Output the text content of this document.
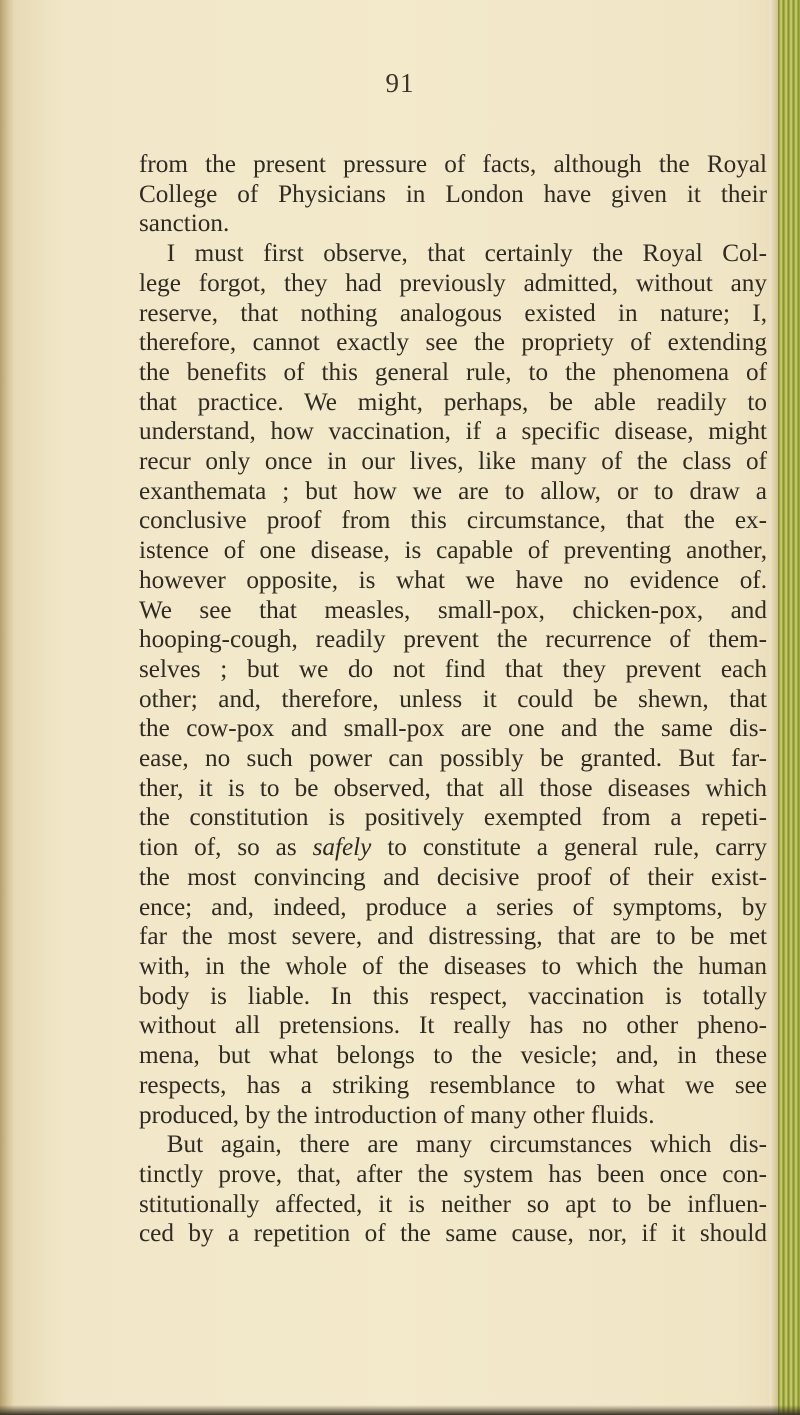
91
from the present pressure of facts, although the Royal
College of Physicians in London have given it their
sanction.
I must first observe, that certainly the Royal Col-
lege forgot, they had previously admitted, without any
reserve, that nothing analogous existed in nature; I,
therefore, cannot exactly see the propriety of extending
the benefits of this general rule, to the phenomena of
that practice. We might, perhaps, be able readily to
understand, how vaccination, if a specific disease, might
recur only once in our lives, like many of the class of
exanthemata ; but how we are to allow, or to draw a
conclusive proof from this circumstance, that the ex-
istence of one disease, is capable of preventing another,
however opposite, is what we have no evidence of.
We see that measles, small-pox, chicken-pox, and
hooping-cough, readily prevent the recurrence of them-
selves ; but we do not find that they prevent each
other; and, therefore, unless it could be shewn, that
the cow-pox and small-pox are one and the same dis-
ease, no such power can possibly be granted. But far-
ther, it is to be observed, that all those diseases which
the constitution is positively exempted from a repeti-
tion of, so as safely to constitute a general rule, carry
the most convincing and decisive proof of their exist-
ence; and, indeed, produce a series of symptoms, by
far the most severe, and distressing, that are to be met
with, in the whole of the diseases to which the human
body is liable. In this respect, vaccination is totally
without all pretensions. It really has no other pheno-
mena, but what belongs to the vesicle; and, in these
respects, has a striking resemblance to what we see
produced, by the introduction of many other fluids.
But again, there are many circumstances which dis-
tinctly prove, that, after the system has been once con-
stitutionally affected, it is neither so apt to be influen-
ced by a repetition of the same cause, nor, if it should
